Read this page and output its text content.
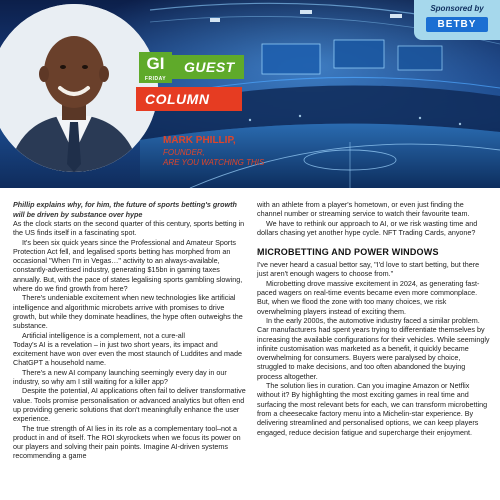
Sponsored by
BETBY
GI
FRIDAY
GUEST
COLUMN
MARK PHILLIP,
FOUNDER,
ARE YOU WATCHING THIS

Phillip explains why, for him, the future of sports betting's growth will be driven by substance over hype

As the clock starts on the second quarter of this century, sports betting in the US finds itself in a fascinating spot.

It's been six quick years since the Professional and Amateur Sports Protection Act fell, and legalised sports betting has morphed from an occasional "When I'm in Vegas…" activity to an always-available, constantly-advertised industry, generating $15bn in gaming taxes annually. But, with the pace of states legalising sports gambling slowing, where do we find growth from here?

There's undeniable excitement when new technologies like artificial intelligence and algorithmic microbets arrive with promises to drive growth, but while they dominate headlines, the hype often outweighs the substance.

Artificial intelligence is a complement, not a cure-all

Today's AI is a revelation – in just two short years, its impact and excitement have won over even the most staunch of Luddites and made ChatGPT a household name.

There's a new AI company launching seemingly every day in our industry, so why am I still waiting for a killer app?

Despite the potential, AI applications often fail to deliver transformative value. Tools promise personalisation or advanced analytics but often end up providing generic solutions that don't meaningfully enhance the user experience.

The true strength of AI lies in its role as a complementary tool–not a product in and of itself. The ROI skyrockets when we focus its power on our players and solving their pain points. Imagine AI-driven systems recommending a game

with an athlete from a player's hometown, or even just finding the channel number or streaming service to watch their favourite team.

We have to rethink our approach to AI, or we risk wasting time and dollars chasing yet another hype cycle. NFT Trading Cards, anyone?

MICROBETTING AND POWER WINDOWS

I've never heard a casual bettor say, "I'd love to start betting, but there just aren't enough wagers to choose from."

Microbetting drove massive excitement in 2024, as generating fast-paced wagers on real-time events became even more commonplace. But, when we flood the zone with too many choices, we risk overwhelming players instead of exciting them.

In the early 2000s, the automotive industry faced a similar problem. Car manufacturers had spent years trying to differentiate themselves by increasing the available configurations for their vehicles. While seemingly infinite customisation was marketed as a benefit, it quickly became overwhelming for consumers. Buyers were paralysed by choice, struggled to make decisions, and too often abandoned the buying process altogether.

The solution lies in curation. Can you imagine Amazon or Netflix without it? By highlighting the most exciting games in real time and surfacing the most relevant bets for each, we can transform microbetting from a cheesecake factory menu into a Michelin-star experience. By delivering streamlined and personalised options, we can keep players engaged, reduce decision fatigue and supercharge their enjoyment.
